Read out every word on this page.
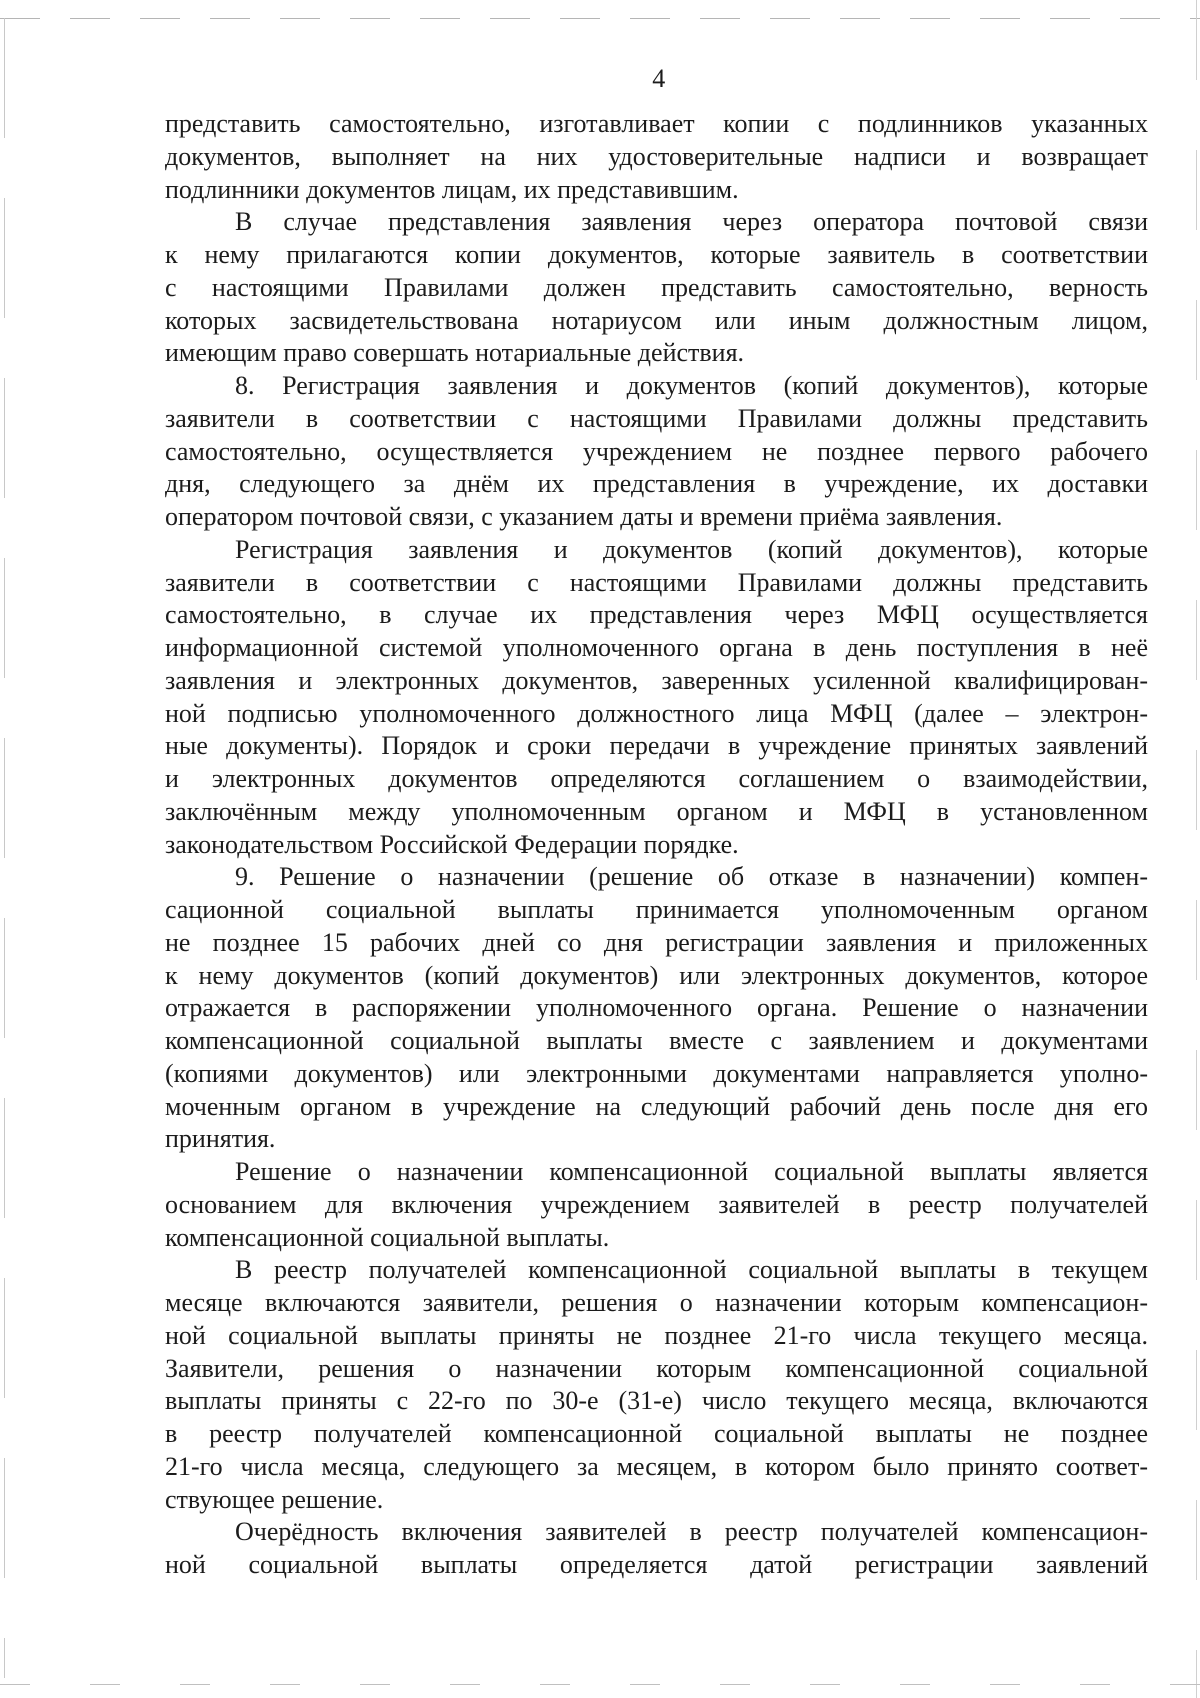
4
представить самостоятельно, изготавливает копии с подлинников указанных
документов, выполняет на них удостоверительные надписи и возвращает
подлинники документов лицам, их представившим.
В случае представления заявления через оператора почтовой связи
к нему прилагаются копии документов, которые заявитель в соответствии
с настоящими Правилами должен представить самостоятельно, верность
которых засвидетельствована нотариусом или иным должностным лицом,
имеющим право совершать нотариальные действия.
8. Регистрация заявления и документов (копий документов), которые
заявители в соответствии с настоящими Правилами должны представить
самостоятельно, осуществляется учреждением не позднее первого рабочего
дня, следующего за днём их представления в учреждение, их доставки
оператором почтовой связи, с указанием даты и времени приёма заявления.
Регистрация заявления и документов (копий документов), которые
заявители в соответствии с настоящими Правилами должны представить
самостоятельно, в случае их представления через МФЦ осуществляется
информационной системой уполномоченного органа в день поступления в неё
заявления и электронных документов, заверенных усиленной квалифицирован-
ной подписью уполномоченного должностного лица МФЦ (далее – электрон-
ные документы). Порядок и сроки передачи в учреждение принятых заявлений
и электронных документов определяются соглашением о взаимодействии,
заключённым между уполномоченным органом и МФЦ в установленном
законодательством Российской Федерации порядке.
9. Решение о назначении (решение об отказе в назначении) компен-
сационной социальной выплаты принимается уполномоченным органом
не позднее 15 рабочих дней со дня регистрации заявления и приложенных
к нему документов (копий документов) или электронных документов, которое
отражается в распоряжении уполномоченного органа. Решение о назначении
компенсационной социальной выплаты вместе с заявлением и документами
(копиями документов) или электронными документами направляется уполно-
моченным органом в учреждение на следующий рабочий день после дня его
принятия.
Решение о назначении компенсационной социальной выплаты является
основанием для включения учреждением заявителей в реестр получателей
компенсационной социальной выплаты.
В реестр получателей компенсационной социальной выплаты в текущем
месяце включаются заявители, решения о назначении которым компенсацион-
ной социальной выплаты приняты не позднее 21-го числа текущего месяца.
Заявители, решения о назначении которым компенсационной социальной
выплаты приняты с 22-го по 30-е (31-е) число текущего месяца, включаются
в реестр получателей компенсационной социальной выплаты не позднее
21-го числа месяца, следующего за месяцем, в котором было принято соответ-
ствующее решение.
Очерёдность включения заявителей в реестр получателей компенсацион-
ной социальной выплаты определяется датой регистрации заявлений
